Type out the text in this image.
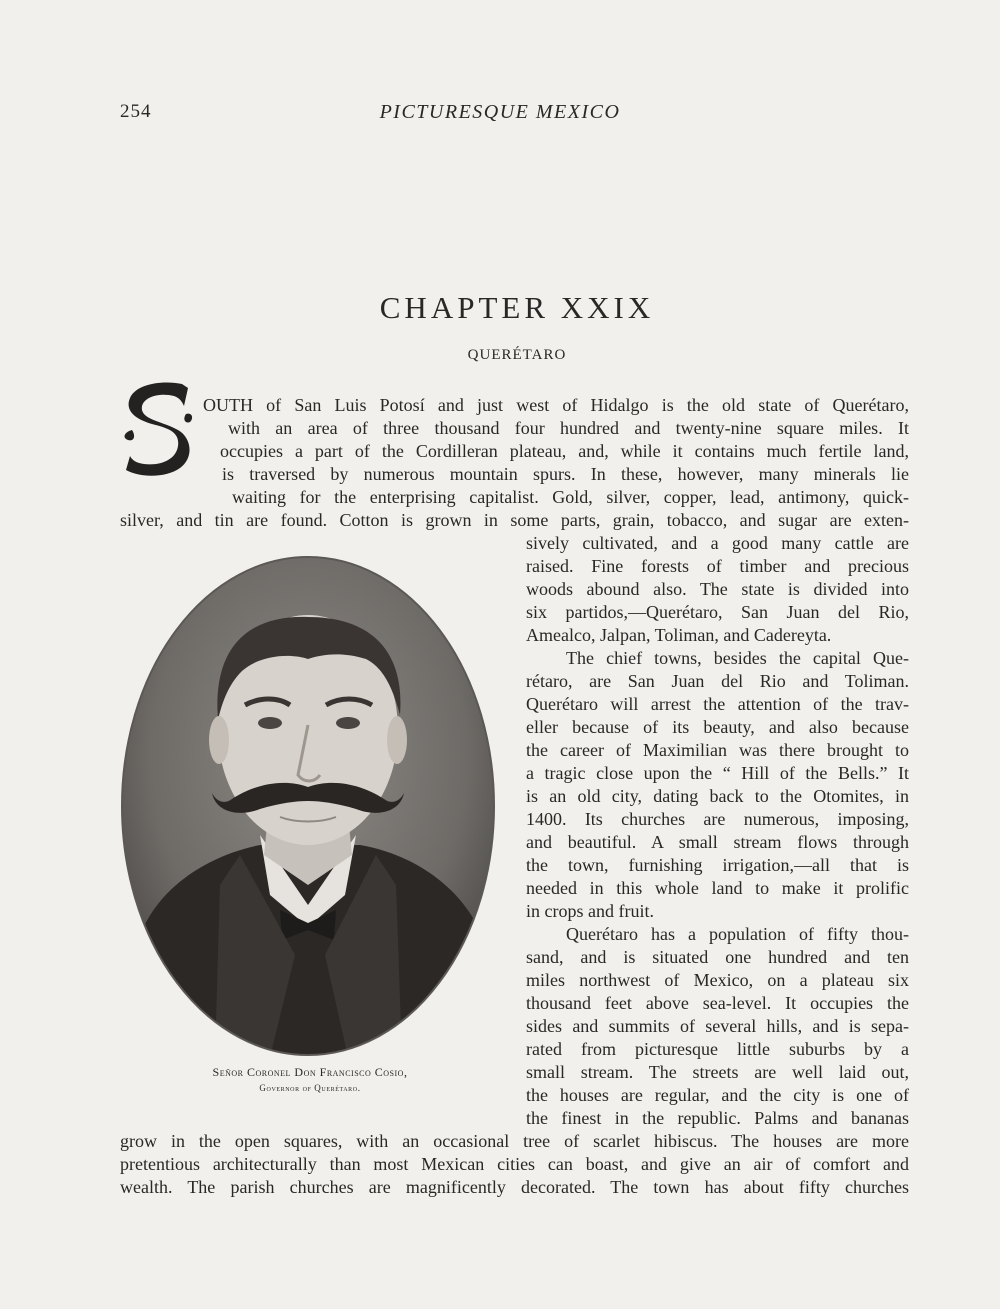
254	PICTURESQUE MEXICO
CHAPTER XXIX
QUERÉTARO
Señor Coronel Don Francisco Cosio,
Governor of Querétaro.
OUTH of San Luis Potosí and just west of Hidalgo is the old state of Querétaro,
with an area of three thousand four hundred and twenty-nine square miles. It
occupies a part of the Cordilleran plateau, and, while it contains much fertile land,
is traversed by numerous mountain spurs. In these, however, many minerals lie
waiting for the enterprising capitalist. Gold, silver, copper, lead, antimony, quick-
silver, and tin are found. Cotton is grown in some parts, grain, tobacco, and sugar are exten-
sively cultivated, and a good many cattle are
raised. Fine forests of timber and precious
woods abound also. The state is divided into
six partidos,—Querétaro, San Juan del Rio,
Amealco, Jalpan, Toliman, and Cadereyta.
The chief towns, besides the capital Que-
rétaro, are San Juan del Rio and Toliman.
Querétaro will arrest the attention of the trav-
eller because of its beauty, and also because
the career of Maximilian was there brought to
a tragic close upon the “ Hill of the Bells.” It
is an old city, dating back to the Otomites, in
1400. Its churches are numerous, imposing,
and beautiful. A small stream flows through
the town, furnishing irrigation,—all that is
needed in this whole land to make it prolific
in crops and fruit.
Querétaro has a population of fifty thou-
sand, and is situated one hundred and ten
miles northwest of Mexico, on a plateau six
thousand feet above sea-level. It occupies the
sides and summits of several hills, and is sepa-
rated from picturesque little suburbs by a
small stream. The streets are well laid out,
the houses are regular, and the city is one of
the finest in the republic. Palms and bananas
grow in the open squares, with an occasional tree of scarlet hibiscus. The houses are more
pretentious architecturally than most Mexican cities can boast, and give an air of comfort and
wealth. The parish churches are magnificently decorated. The town has about fifty churches
